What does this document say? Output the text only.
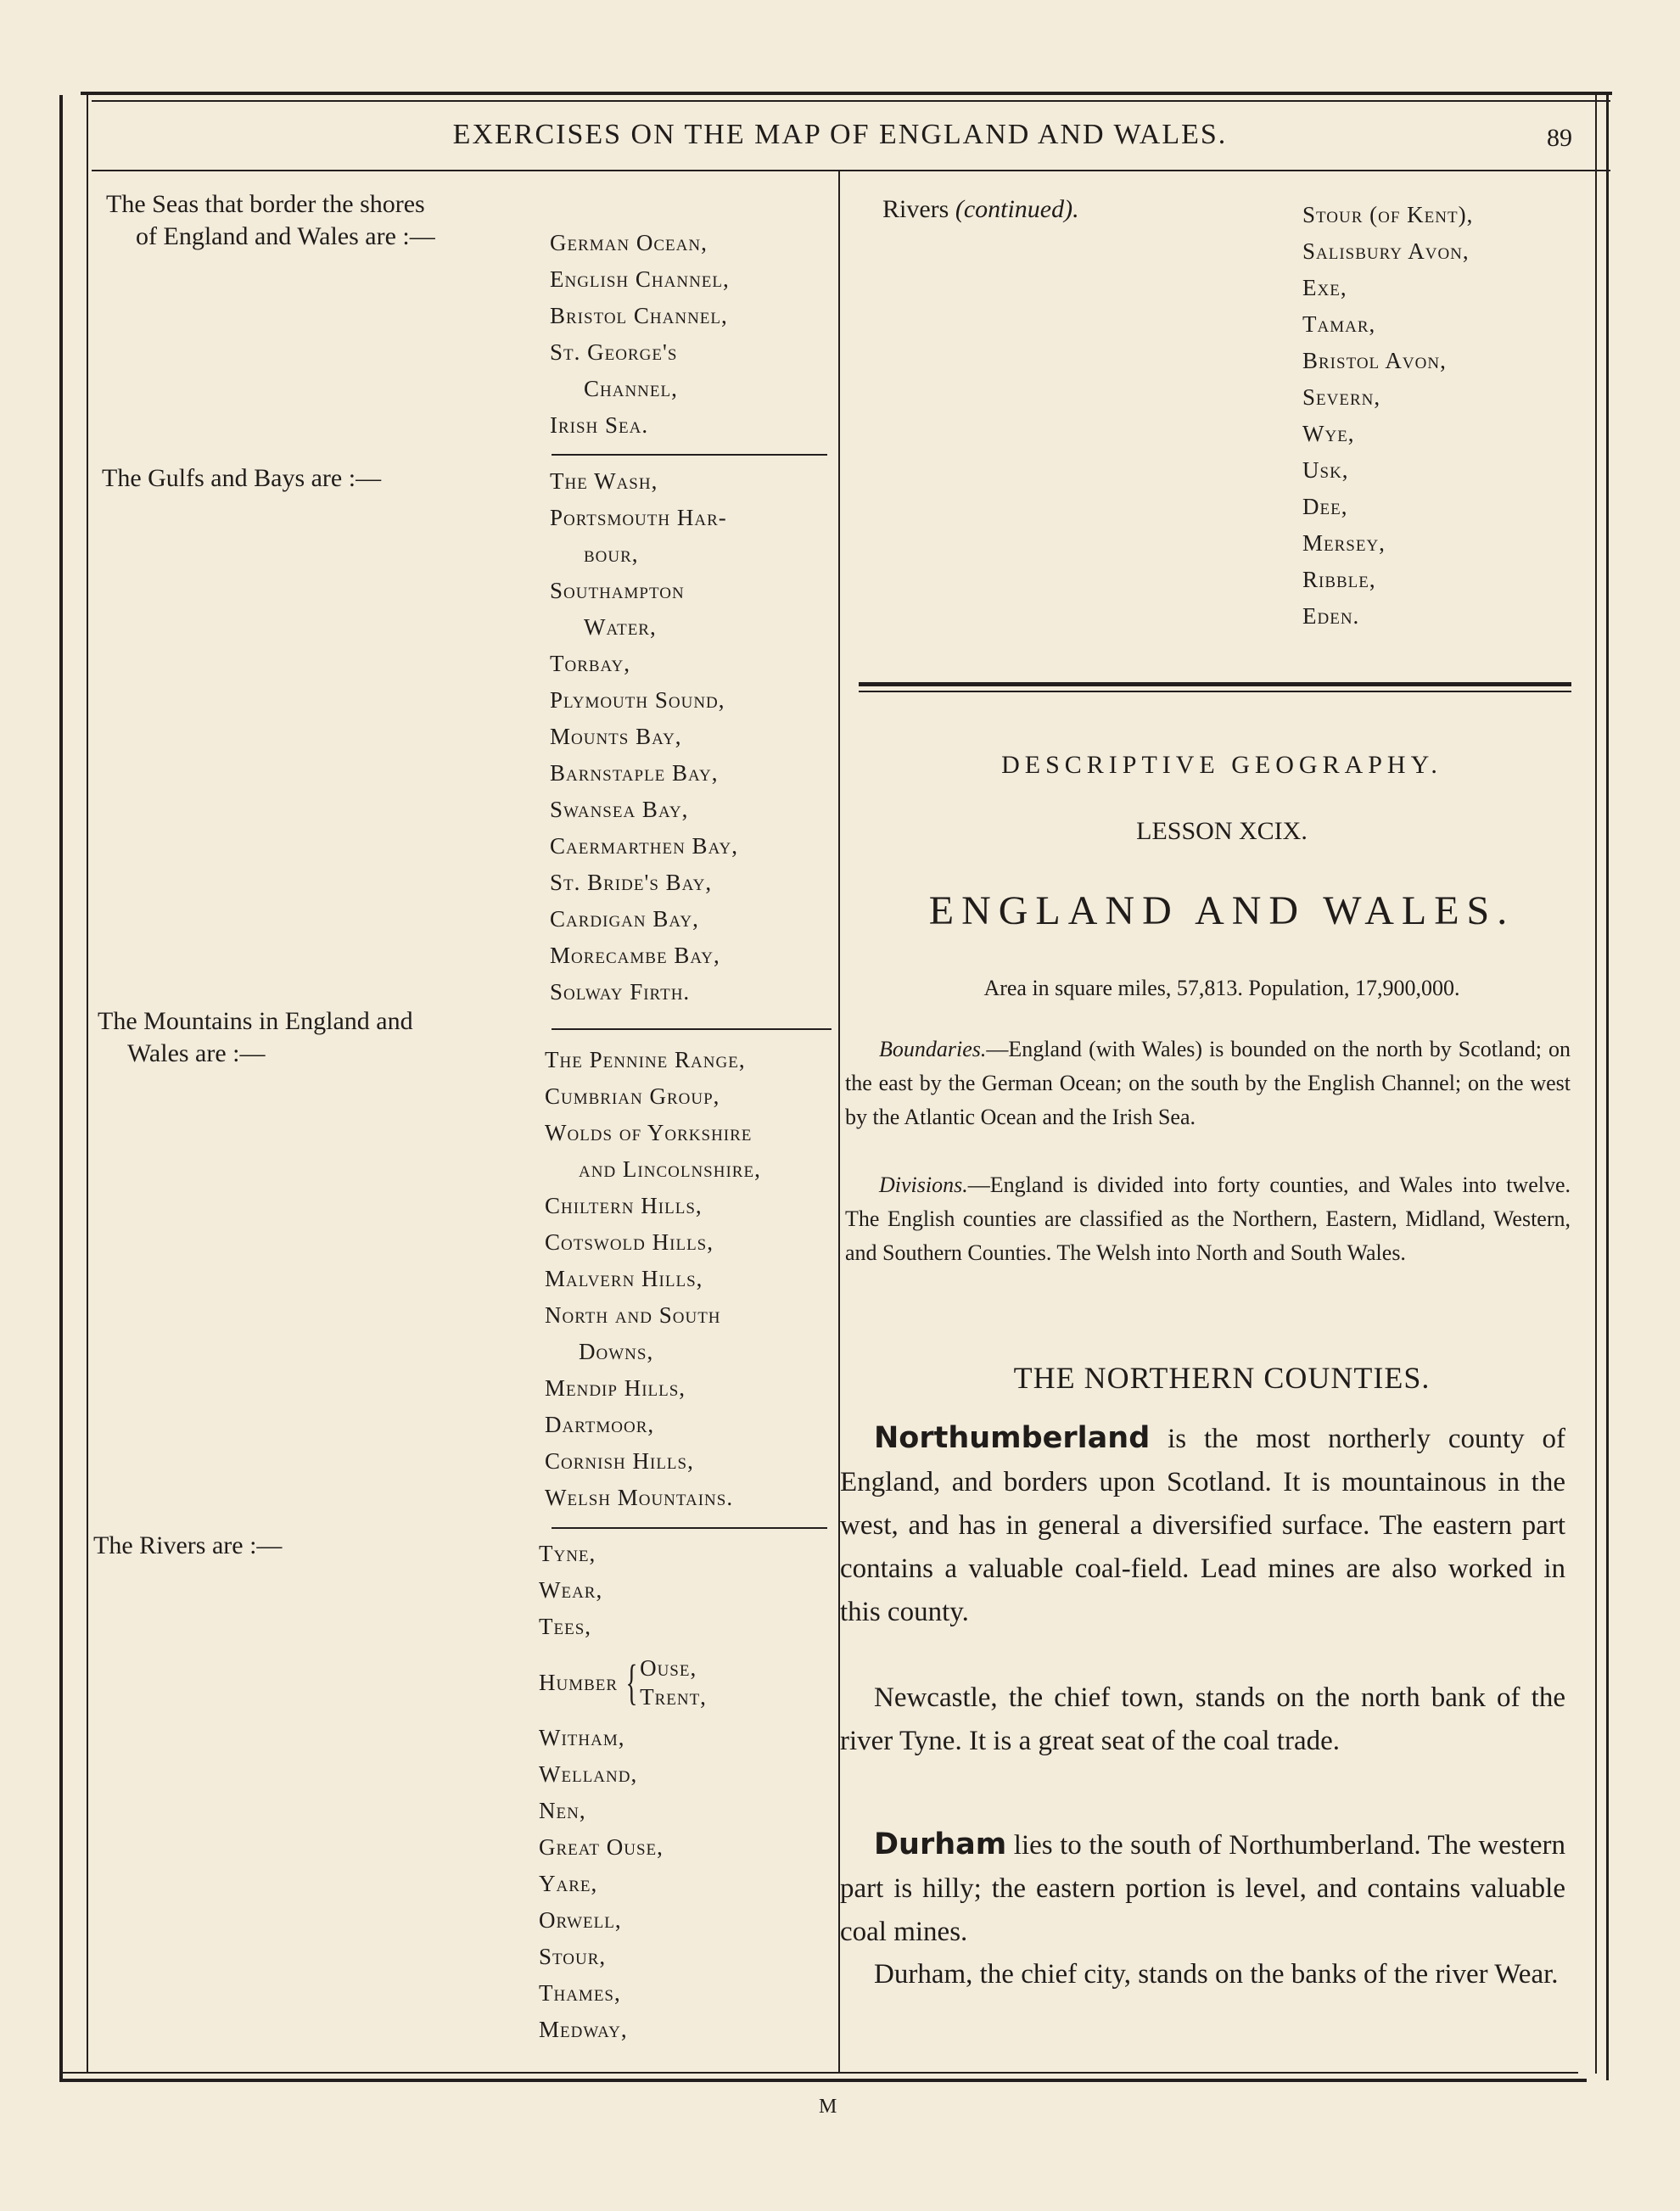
EXERCISES ON THE MAP OF ENGLAND AND WALES.	89
The Seas that border the shores
of England and Wales are :—	German Ocean,
English Channel,
Bristol Channel,
St. George's
Channel,
Irish Sea.
The Gulfs and Bays are :—	The Wash,
Portsmouth Har-
bour,
Southampton
Water,
Torbay,
Plymouth Sound,
Mounts Bay,
Barnstaple Bay,
Swansea Bay,
Caermarthen Bay,
St. Bride's Bay,
Cardigan Bay,
Morecambe Bay,
Solway Firth.
The Mountains in England and
Wales are :—	The Pennine Range,
Cumbrian Group,
Wolds of Yorkshire
and Lincolnshire,
Chiltern Hills,
Cotswold Hills,
Malvern Hills,
North and South
Downs,
Mendip Hills,
Dartmoor,
Cornish Hills,
Welsh Mountains.
The Rivers are :—	Tyne,
Wear,
Tees,
Humber { Ouse,
Trent,
Witham,
Welland,
Nen,
Great Ouse,
Yare,
Orwell,
Stour,
Thames,
Medway,
Rivers (continued).	Stour (of Kent),
Salisbury Avon,
Exe,
Tamar,
Bristol Avon,
Severn,
Wye,
Usk,
Dee,
Mersey,
Ribble,
Eden.
DESCRIPTIVE GEOGRAPHY.
LESSON XCIX.
ENGLAND AND WALES.
Area in square miles, 57,813. Population, 17,900,000.

Boundaries.—England (with Wales) is bounded on the north by Scotland; on the east by the German Ocean; on the south by the English Channel; on the west by the Atlantic Ocean and the Irish Sea.

Divisions.—England is divided into forty counties, and Wales into twelve. The English counties are classified as the Northern, Eastern, Midland, Western, and Southern Counties. The Welsh into North and South Wales.

THE NORTHERN COUNTIES.

Northumberland is the most northerly county of England, and borders upon Scotland. It is mountainous in the west, and has in general a diversified surface. The eastern part contains a valuable coal-field. Lead mines are also worked in this county.

Newcastle, the chief town, stands on the north bank of the river Tyne. It is a great seat of the coal trade.

Durham lies to the south of Northumberland. The western part is hilly; the eastern portion is level, and contains valuable coal mines.

Durham, the chief city, stands on the banks of the river Wear.

M
